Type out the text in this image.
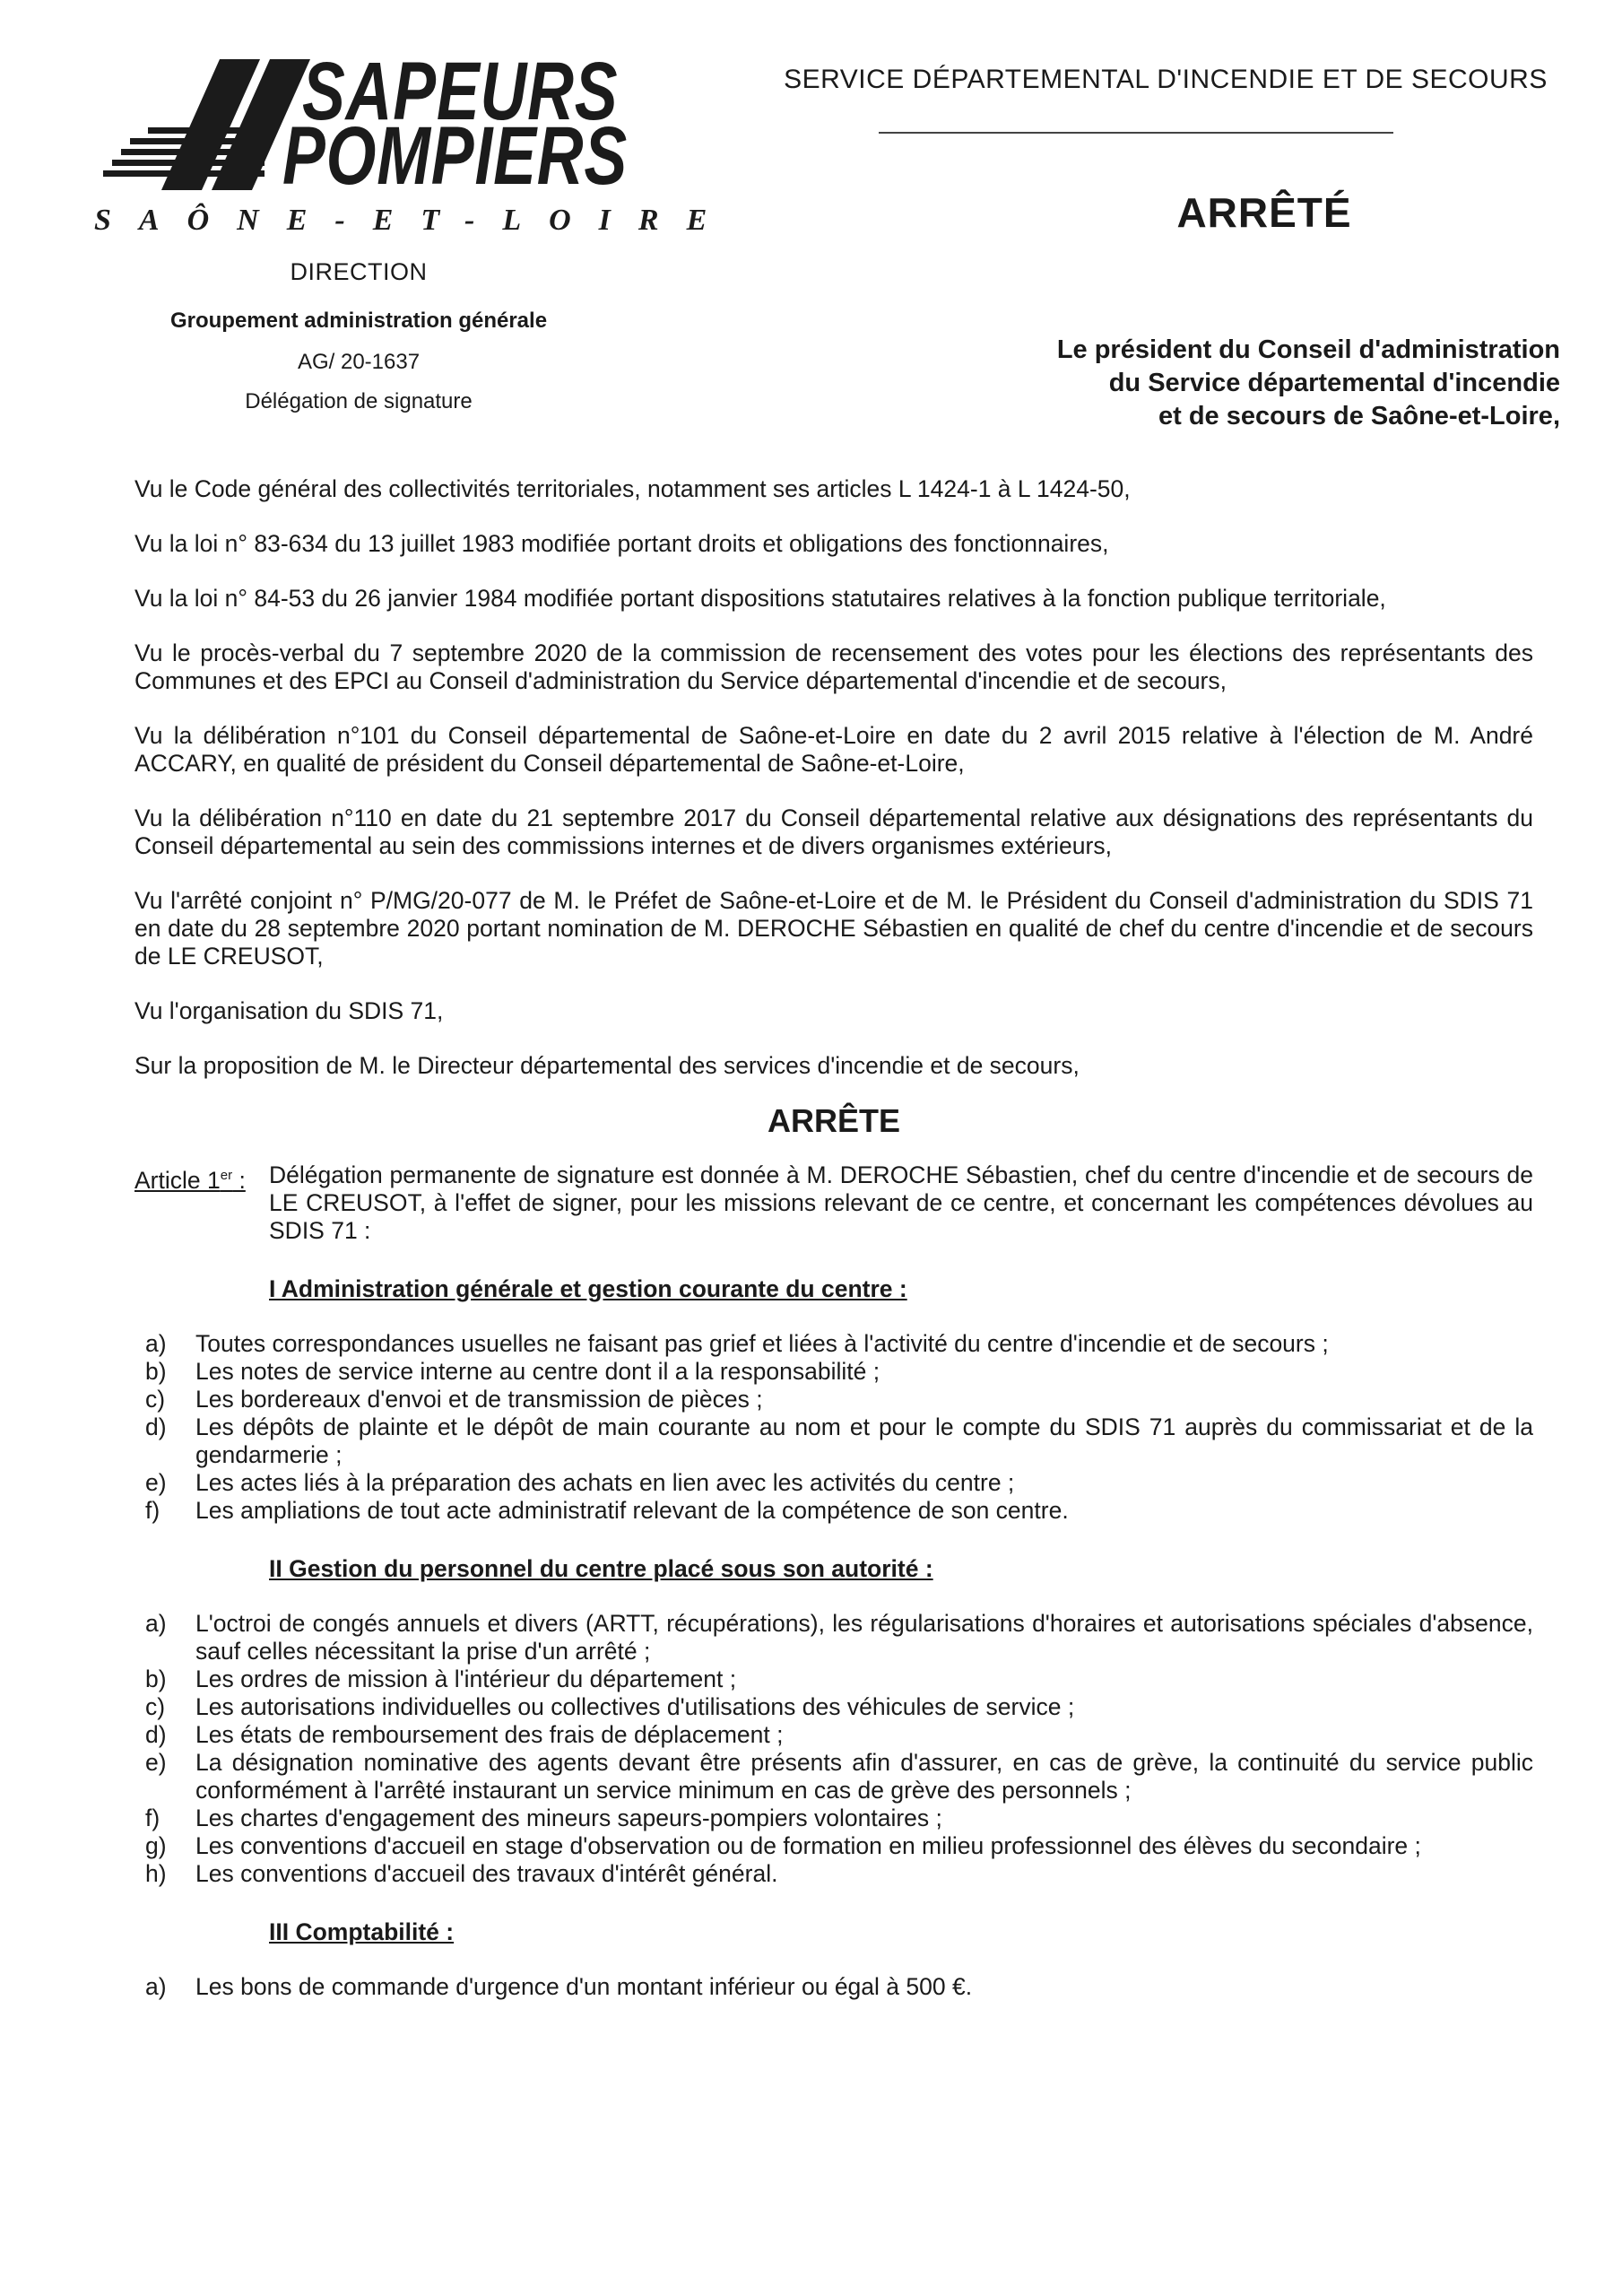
SAPEURS
POMPIERS
SAÔNE-ET-LOIRE
SERVICE DÉPARTEMENTAL D'INCENDIE ET DE SECOURS
ARRÊTÉ
DIRECTION
Groupement administration générale
AG/ 20-1637
Délégation de signature
Le président du Conseil d'administration
du Service départemental d'incendie
et de secours de Saône-et-Loire,

Vu le Code général des collectivités territoriales, notamment ses articles L 1424-1 à L 1424-50,

Vu la loi n° 83-634 du 13 juillet 1983 modifiée portant droits et obligations des fonctionnaires,

Vu la loi n° 84-53 du 26 janvier 1984 modifiée portant dispositions statutaires relatives à la fonction publique territoriale,

Vu le procès-verbal du 7 septembre 2020 de la commission de recensement des votes pour les élections des représentants des Communes et des EPCI au Conseil d'administration du Service départemental d'incendie et de secours,

Vu la délibération n°101 du Conseil départemental de Saône-et-Loire en date du 2 avril 2015 relative à l'élection de M. André ACCARY, en qualité de président du Conseil départemental de Saône-et-Loire,

Vu la délibération n°110 en date du 21 septembre 2017 du Conseil départemental relative aux désignations des représentants du Conseil départemental au sein des commissions internes et de divers organismes extérieurs,

Vu l'arrêté conjoint n° P/MG/20-077 de M. le Préfet de Saône-et-Loire et de M. le Président du Conseil d'administration du SDIS 71 en date du 28 septembre 2020 portant nomination de M. DEROCHE Sébastien en qualité de chef du centre d'incendie et de secours de LE CREUSOT,

Vu l'organisation du SDIS 71,

Sur la proposition de M. le Directeur départemental des services d'incendie et de secours,

ARRÊTE
Article 1er : Délégation permanente de signature est donnée à M. DEROCHE Sébastien, chef du centre d'incendie et de secours de LE CREUSOT, à l'effet de signer, pour les missions relevant de ce centre, et concernant les compétences dévolues au SDIS 71 :
I Administration générale et gestion courante du centre :
a)	Toutes correspondances usuelles ne faisant pas grief et liées à l'activité du centre d'incendie et de secours ;
b)	Les notes de service interne au centre dont il a la responsabilité ;
c)	Les bordereaux d'envoi et de transmission de pièces ;
d)	Les dépôts de plainte et le dépôt de main courante au nom et pour le compte du SDIS 71 auprès du commissariat et de la gendarmerie ;
e)	Les actes liés à la préparation des achats en lien avec les activités du centre ;
f)	Les ampliations de tout acte administratif relevant de la compétence de son centre.
II Gestion du personnel du centre placé sous son autorité :
a)	L'octroi de congés annuels et divers (ARTT, récupérations), les régularisations d'horaires et autorisations spéciales d'absence, sauf celles nécessitant la prise d'un arrêté ;
b)	Les ordres de mission à l'intérieur du département ;
c)	Les autorisations individuelles ou collectives d'utilisations des véhicules de service ;
d)	Les états de remboursement des frais de déplacement ;
e)	La désignation nominative des agents devant être présents afin d'assurer, en cas de grève, la continuité du service public conformément à l'arrêté instaurant un service minimum en cas de grève des personnels ;
f)	Les chartes d'engagement des mineurs sapeurs-pompiers volontaires ;
g)	Les conventions d'accueil en stage d'observation ou de formation en milieu professionnel des élèves du secondaire ;
h)	Les conventions d'accueil des travaux d'intérêt général.
III Comptabilité :
a)	Les bons de commande d'urgence d'un montant inférieur ou égal à 500 €.
